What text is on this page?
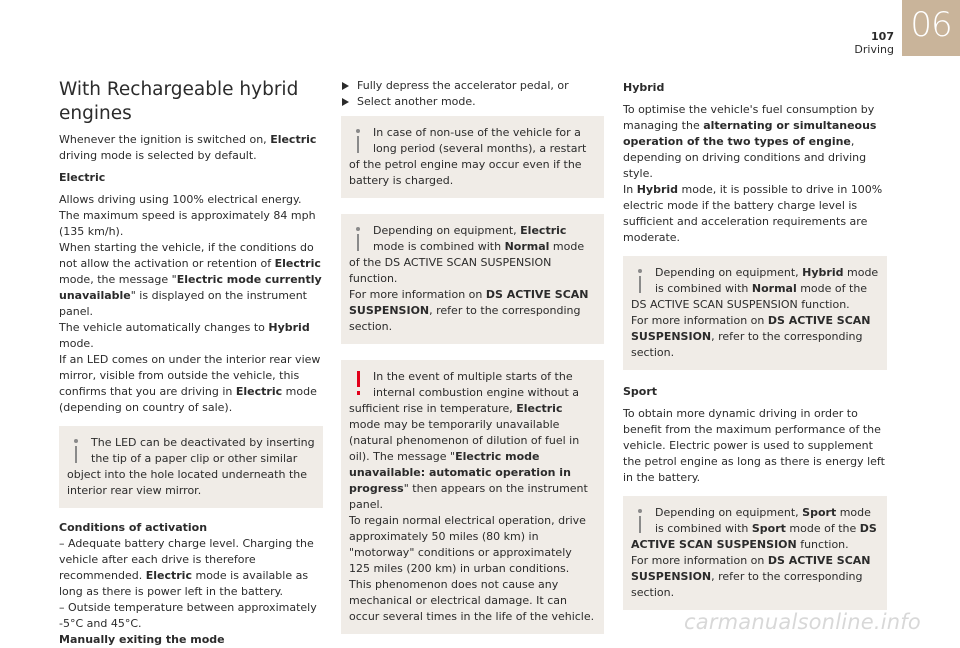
107
Driving
06
With Rechargeable hybrid engines

Whenever the ignition is switched on, Electric driving mode is selected by default.

Electric

Allows driving using 100% electrical energy.

The maximum speed is approximately 84 mph (135 km/h).

When starting the vehicle, if the conditions do not allow the activation or retention of Electric mode, the message "Electric mode currently unavailable" is displayed on the instrument panel.

The vehicle automatically changes to Hybrid mode.

If an LED comes on under the interior rear view mirror, visible from outside the vehicle, this confirms that you are driving in Electric mode (depending on country of sale).

The LED can be deactivated by inserting the tip of a paper clip or other similar object into the hole located underneath the interior rear view mirror.
Conditions of activation

– Adequate battery charge level. Charging the vehicle after each drive is therefore recommended. Electric mode is available as long as there is power left in the battery.

– Outside temperature between approximately -5°C and 45°C.

Manually exiting the mode

Fully depress the accelerator pedal, or

Select another mode.

In case of non-use of the vehicle for a long period (several months), a restart of the petrol engine may occur even if the battery is charged.
Depending on equipment, Electric mode is combined with Normal mode of the DS ACTIVE SCAN SUSPENSION function.
For more information on DS ACTIVE SCAN SUSPENSION, refer to the corresponding section.
In the event of multiple starts of the internal combustion engine without a sufficient rise in temperature, Electric mode may be temporarily unavailable (natural phenomenon of dilution of fuel in oil). The message "Electric mode unavailable: automatic operation in progress" then appears on the instrument panel.
To regain normal electrical operation, drive approximately 50 miles (80 km) in "motorway" conditions or approximately 125 miles (200 km) in urban conditions.
This phenomenon does not cause any mechanical or electrical damage. It can occur several times in the life of the vehicle.
Hybrid

To optimise the vehicle's fuel consumption by managing the alternating or simultaneous operation of the two types of engine, depending on driving conditions and driving style.

In Hybrid mode, it is possible to drive in 100% electric mode if the battery charge level is sufficient and acceleration requirements are moderate.

Depending on equipment, Hybrid mode is combined with Normal mode of the DS ACTIVE SCAN SUSPENSION function.
For more information on DS ACTIVE SCAN SUSPENSION, refer to the corresponding section.
Sport

To obtain more dynamic driving in order to benefit from the maximum performance of the vehicle. Electric power is used to supplement the petrol engine as long as there is energy left in the battery.

Depending on equipment, Sport mode is combined with Sport mode of the DS ACTIVE SCAN SUSPENSION function.
For more information on DS ACTIVE SCAN SUSPENSION, refer to the corresponding section.
carmanualsonline.info
